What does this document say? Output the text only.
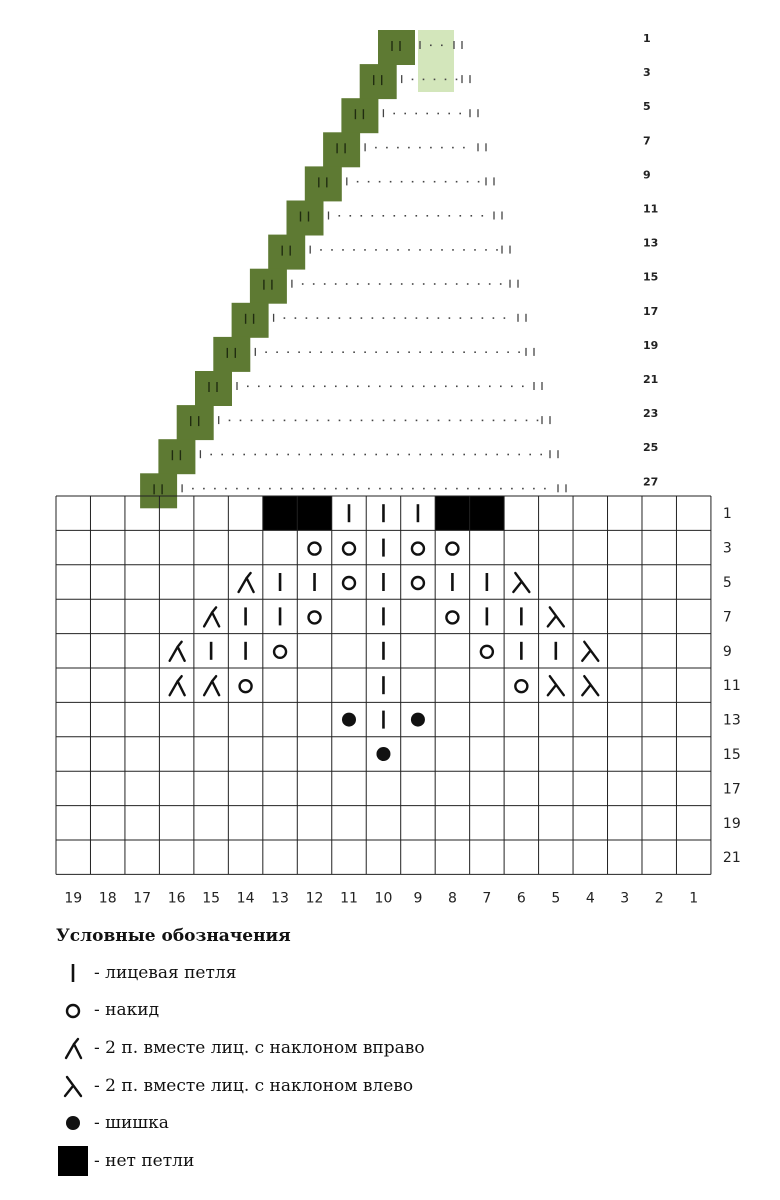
1
3
5
7
9
11
13
15
17
19
21
23
25
27
1
3
5
7
9
11
13
15
17
19
21
19 18 17 16 15 14 13 12 11 10 9 8 7 6 5 4 3 2 1
Условные обозначения
- лицевая петля
- накид
- 2 п. вместе лиц. с наклоном вправо
- 2 п. вместе лиц. с наклоном влево
- шишка
- нет петли
